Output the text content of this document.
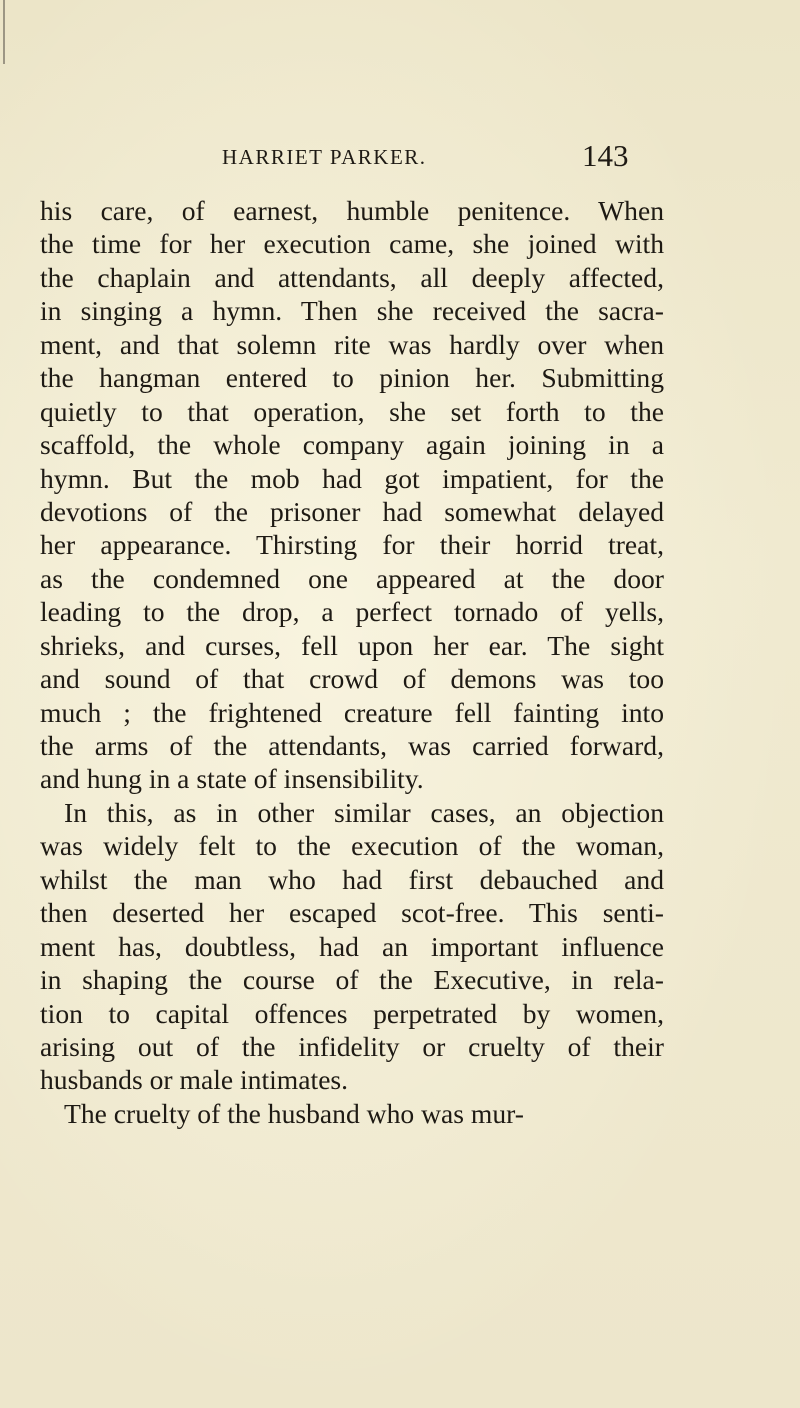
HARRIET PARKER.	143
his care, of earnest, humble penitence. When
the time for her execution came, she joined with
the chaplain and attendants, all deeply affected,
in singing a hymn. Then she received the sacra-
ment, and that solemn rite was hardly over when
the hangman entered to pinion her. Submitting
quietly to that operation, she set forth to the
scaffold, the whole company again joining in a
hymn. But the mob had got impatient, for the
devotions of the prisoner had somewhat delayed
her appearance. Thirsting for their horrid treat,
as the condemned one appeared at the door
leading to the drop, a perfect tornado of yells,
shrieks, and curses, fell upon her ear. The sight
and sound of that crowd of demons was too
much ; the frightened creature fell fainting into
the arms of the attendants, was carried forward,
and hung in a state of insensibility.
In this, as in other similar cases, an objection
was widely felt to the execution of the woman,
whilst the man who had first debauched and
then deserted her escaped scot-free. This senti-
ment has, doubtless, had an important influence
in shaping the course of the Executive, in rela-
tion to capital offences perpetrated by women,
arising out of the infidelity or cruelty of their
husbands or male intimates.
The cruelty of the husband who was mur-
